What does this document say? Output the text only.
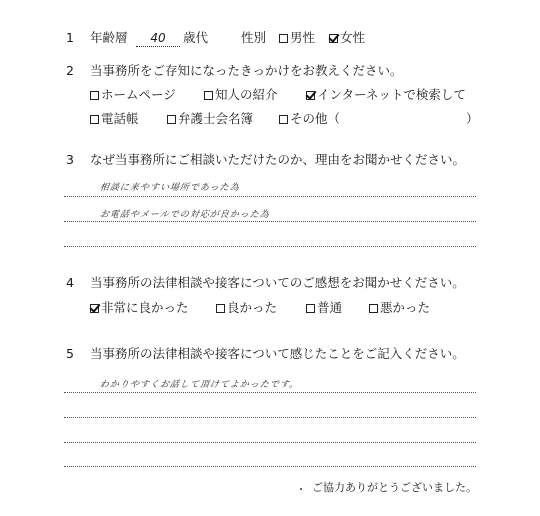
1 年齢層	40	歳代	性別	男性	女性
2 当事務所をご存知になったきっかけをお教えください。
ホームページ	知人の紹介	インターネットで検索して
電話帳	弁護士会名簿	その他（	）
3 なぜ当事務所にご相談いただけたのか、理由をお聞かせください。
相談に来やすい場所であった為
お電話やメールでの対応が良かった為
4 当事務所の法律相談や接客についてのご感想をお聞かせください。
非常に良かった	良かった	普通	悪かった
5 当事務所の法律相談や接客について感じたことをご記入ください。
わかりやすくお話して頂けてよかったです。
ご協力ありがとうございました。
